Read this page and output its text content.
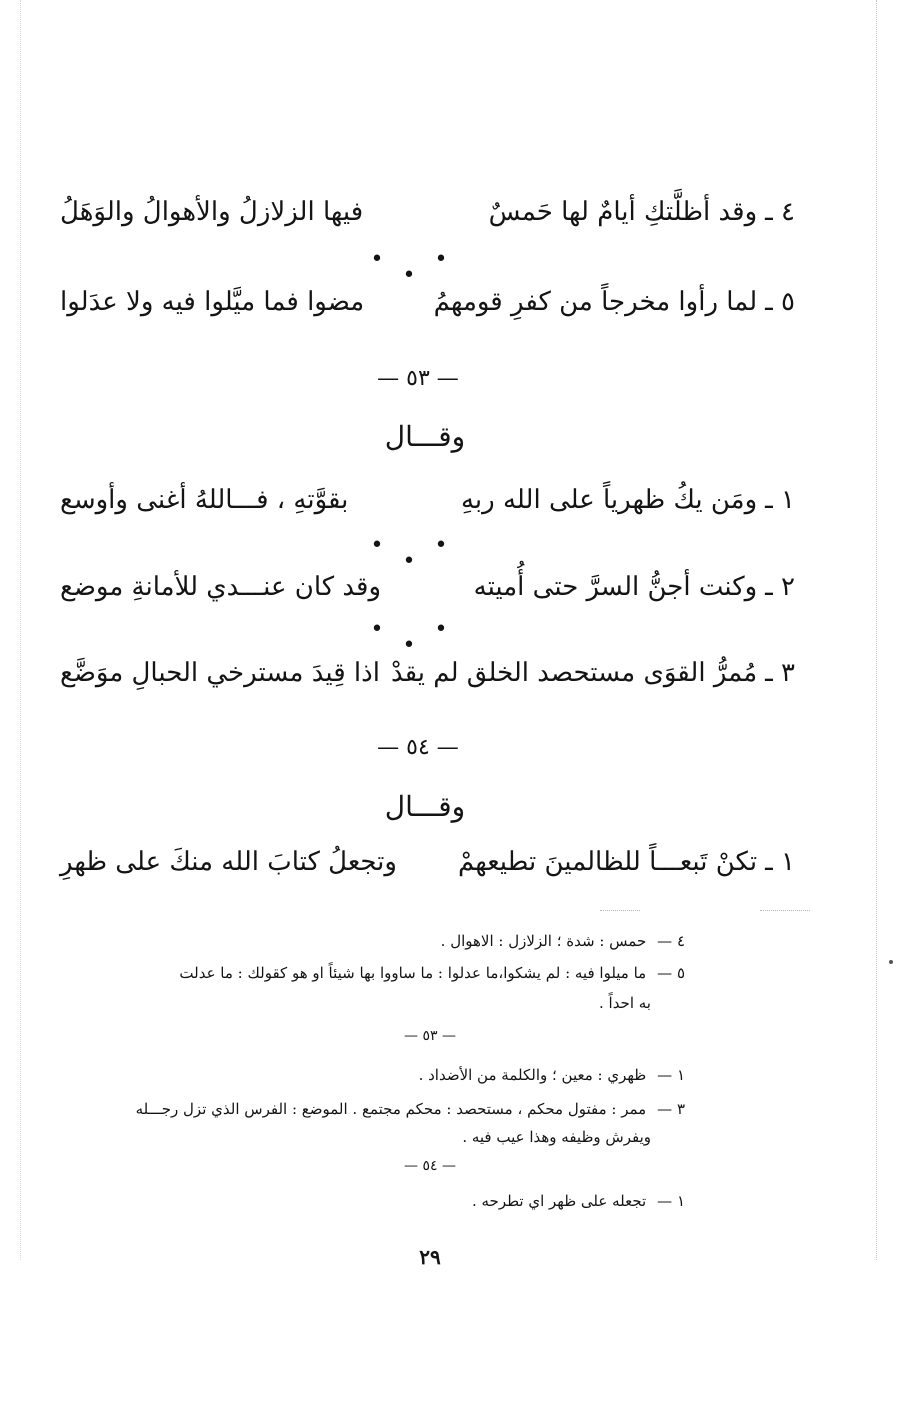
٤ ـوقد أظلَّتكِ أيامٌ لها حَمسٌ
فيها الزلازلُ والأهوالُ والوَهَلُ
• • •
٥ ـلما رأوا مخرجاً من كفرِ قومهمُ
مضوا فما ميَّلوا فيه ولا عدَلوا
— ٥٣ —
وقـــال
١ ـومَن يكُ ظهرياً على الله ربهِ
بقوَّتهِ ، فـــاللهُ أغنى وأوسع
• • •
٢ ـوكنت أجنُّ السرَّ حتى أُميته
وقد كان عنـــدي للأمانةِ موضع
• • •
٣ ـمُمرُّ القوَى مستحصد الخلق لم يقدْ
اذا قِيدَ مسترخي الحبالِ موَضَّع
— ٥٤ —
وقـــال
١ ـتكنْ تَبعـــاً للظالمينَ تطيعهمْ
وتجعلُ كتابَ الله منكَ على ظهرِ
٤ — حمس : شدة ؛ الزلازل : الاهوال .
٥ — ما ميلوا فيه : لم يشكوا،ما عدلوا : ما ساووا بها شيئاً او هو كقولك : ما عدلت
به احداً .
— ٥٣ —
١ — ظهري : معين ؛ والكلمة من الأضداد .
٣ — ممر : مفتول محكم ، مستحصد : محكم مجتمع . الموضع : الفرس الذي تزل رجـــله
ويفرش وظيفه وهذا عيب فيه .
— ٥٤ —
١ — تجعله على ظهر اي تطرحه .
٢٩
